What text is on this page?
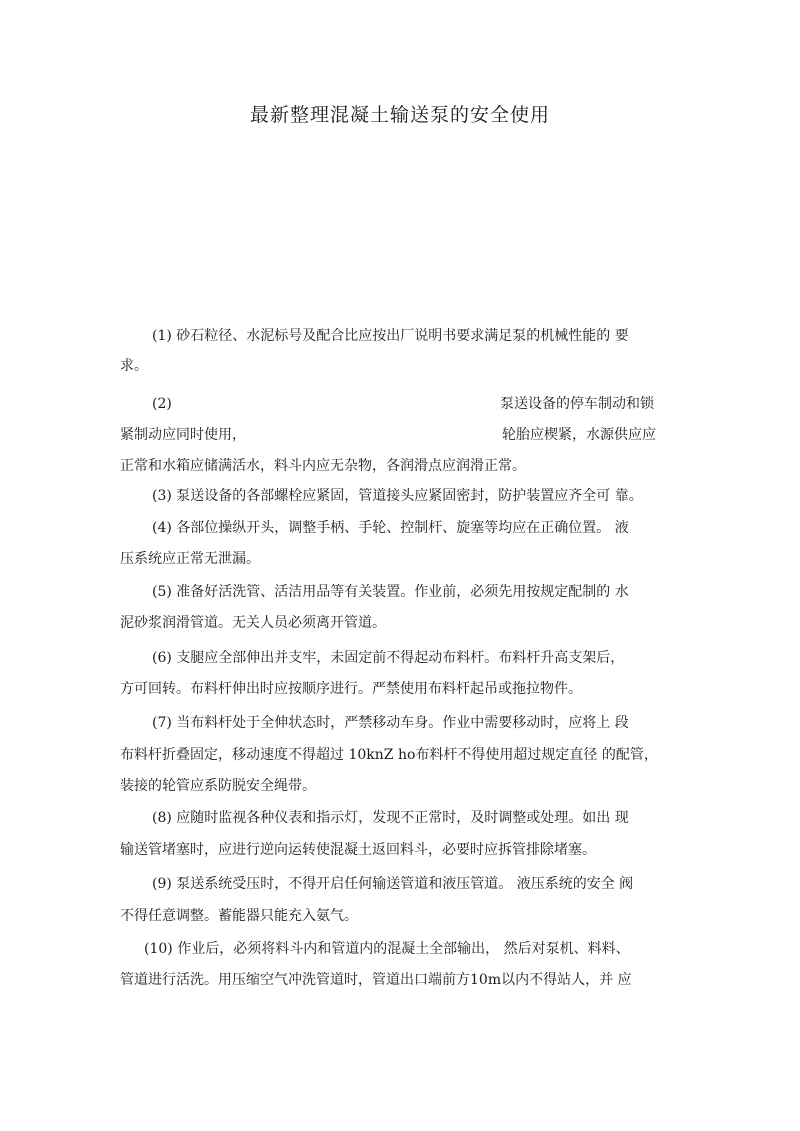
最新整理混凝土输送泵的安全使用
(1) 砂石粒径、水泥标号及配合比应按出厂说明书要求满足泵的机械性能的 要
求。
(2)	泵送设备的停车制动和锁
紧制动应同时使用，	轮胎应楔紧，水源供应应
正常和水箱应储满活水，料斗内应无杂物，各润滑点应润滑正常。
(3) 泵送设备的各部螺栓应紧固，管道接头应紧固密封，防护装置应齐全可 靠。
(4) 各部位操纵开头，调整手柄、手轮、控制杆、旋塞等均应在正确位置。 液
压系统应正常无泄漏。
(5) 准备好活洗管、活洁用品等有关装置。作业前，必须先用按规定配制的 水
泥砂浆润滑管道。无关人员必须离开管道。
(6) 支腿应全部伸出并支牢，未固定前不得起动布料杆。布料杆升高支架后，
方可回转。布料杆伸出时应按顺序进行。严禁使用布料杆起吊或拖拉物件。
(7) 当布料杆处于全伸状态时，严禁移动车身。作业中需要移动时，应将上 段
布料杆折叠固定，移动速度不得超过 10knZ ho布料杆不得使用超过规定直径 的配管，
装接的轮管应系防脱安全绳带。
(8) 应随时监视各种仪表和指示灯，发现不正常时，及时调整或处理。如出 现
输送管堵塞时，应进行逆向运转使混凝土返回料斗，必要时应拆管排除堵塞。
(9) 泵送系统受压时，不得开启任何输送管道和液压管道。 液压系统的安全 阀
不得任意调整。蓄能器只能充入氨气。
(10) 作业后，必须将料斗内和管道内的混凝土全部输出， 然后对泵机、料料、
管道进行活洗。用压缩空气冲洗管道时，管道出口端前方10m以内不得站人，并 应
